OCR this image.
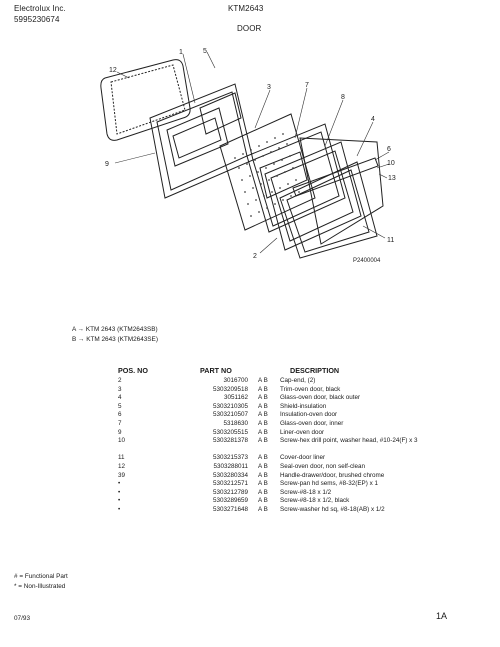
Electrolux Inc.
5995230674
KTM2643
DOOR
12
1	5
3	7
8
4
6
9
2
10
11
13
P2400004
A → KTM 2643 (KTM2643SB)
B → KTM 2643 (KTM2643SE)
POS. NO	PART NO	DESCRIPTION
2	3016700	A B	Cap-end, (2)
3	5303209518	A B	Trim-oven door, black
4	3051162	A B	Glass-oven door, black outer
5	5303210305	A B	Shield-insulation
6	5303210507	A B	Insulation-oven door
7	5318630	A B	Glass-oven door, inner
9	5303205515	A B	Liner-oven door
10	5303281378	A B	Screw-hex drill point, washer head, #10-24(F) x 3

11	5303215373	A B	Cover-door liner
12	5303288011	A B	Seal-oven door, non self-clean
39	5303280334	A B	Handle-drawer/door, brushed chrome
•	5303212571	A B	Screw-pan hd sems, #8-32(EP) x 1
•	5303212789	A B	Screw-#8-18 x 1/2
•	5303289659	A B	Screw-#8-18 x 1/2, black
•	5303271648	A B	Screw-washer hd sq, #8-18(AB) x 1/2
# = Functional Part
* = Non-Illustrated
07/93	1A
